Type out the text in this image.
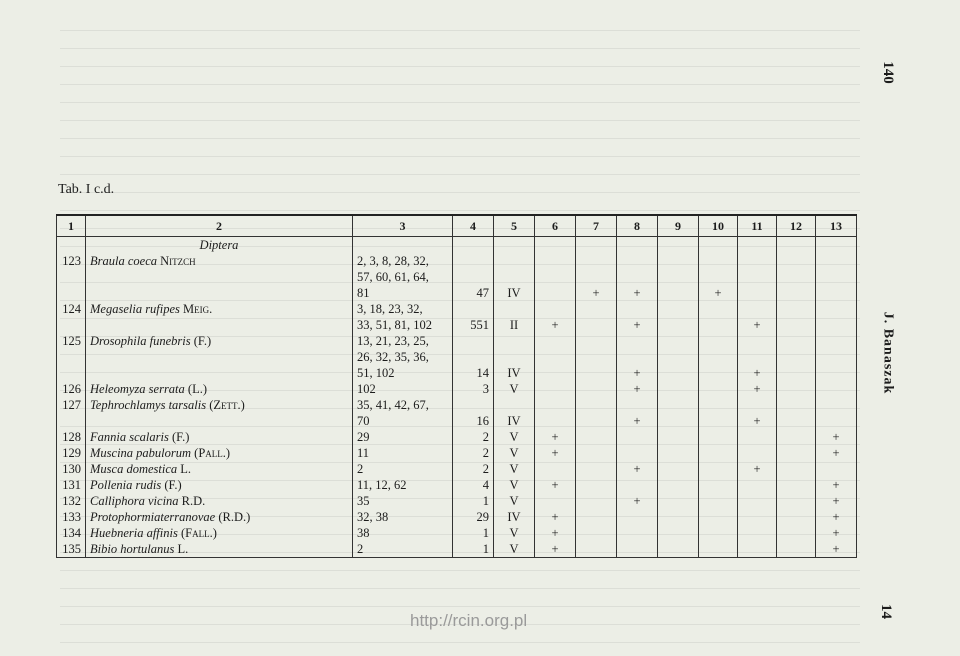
140
J. Banaszak
14
Tab. I c.d.
1	2	3	4	5	6	7	8	9	10	11	12	13
	Diptera											
123	Braula coeca Nitzch	2, 3, 8, 28, 32,										
		57, 60, 61, 64,										
		81	47	IV		+	+		+			
124	Megaselia rufipes Meig.	3, 18, 23, 32,										
		33, 51, 81, 102	551	II	+		+			+		
125	Drosophila funebris (F.)	13, 21, 23, 25,										
		26, 32, 35, 36,										
		51, 102	14	IV			+			+		
126	Heleomyza serrata (L.)	102	3	V			+			+		
127	Tephrochlamys tarsalis (Zett.)	35, 41, 42, 67,										
		70	16	IV			+			+		
128	Fannia scalaris (F.)	29	2	V	+							+
129	Muscina pabulorum (Pall.)	11	2	V	+							+
130	Musca domestica L.	2	2	V			+			+		
131	Pollenia rudis (F.)	11, 12, 62	4	V	+							+
132	Calliphora vicina R.D.	35	1	V			+					+
133	Protophormiaterranovae (R.D.)	32, 38	29	IV	+							+
134	Huebneria affinis (Fall.)	38	1	V	+							+
135	Bibio hortulanus L.	2	1	V	+							+
http://rcin.org.pl
